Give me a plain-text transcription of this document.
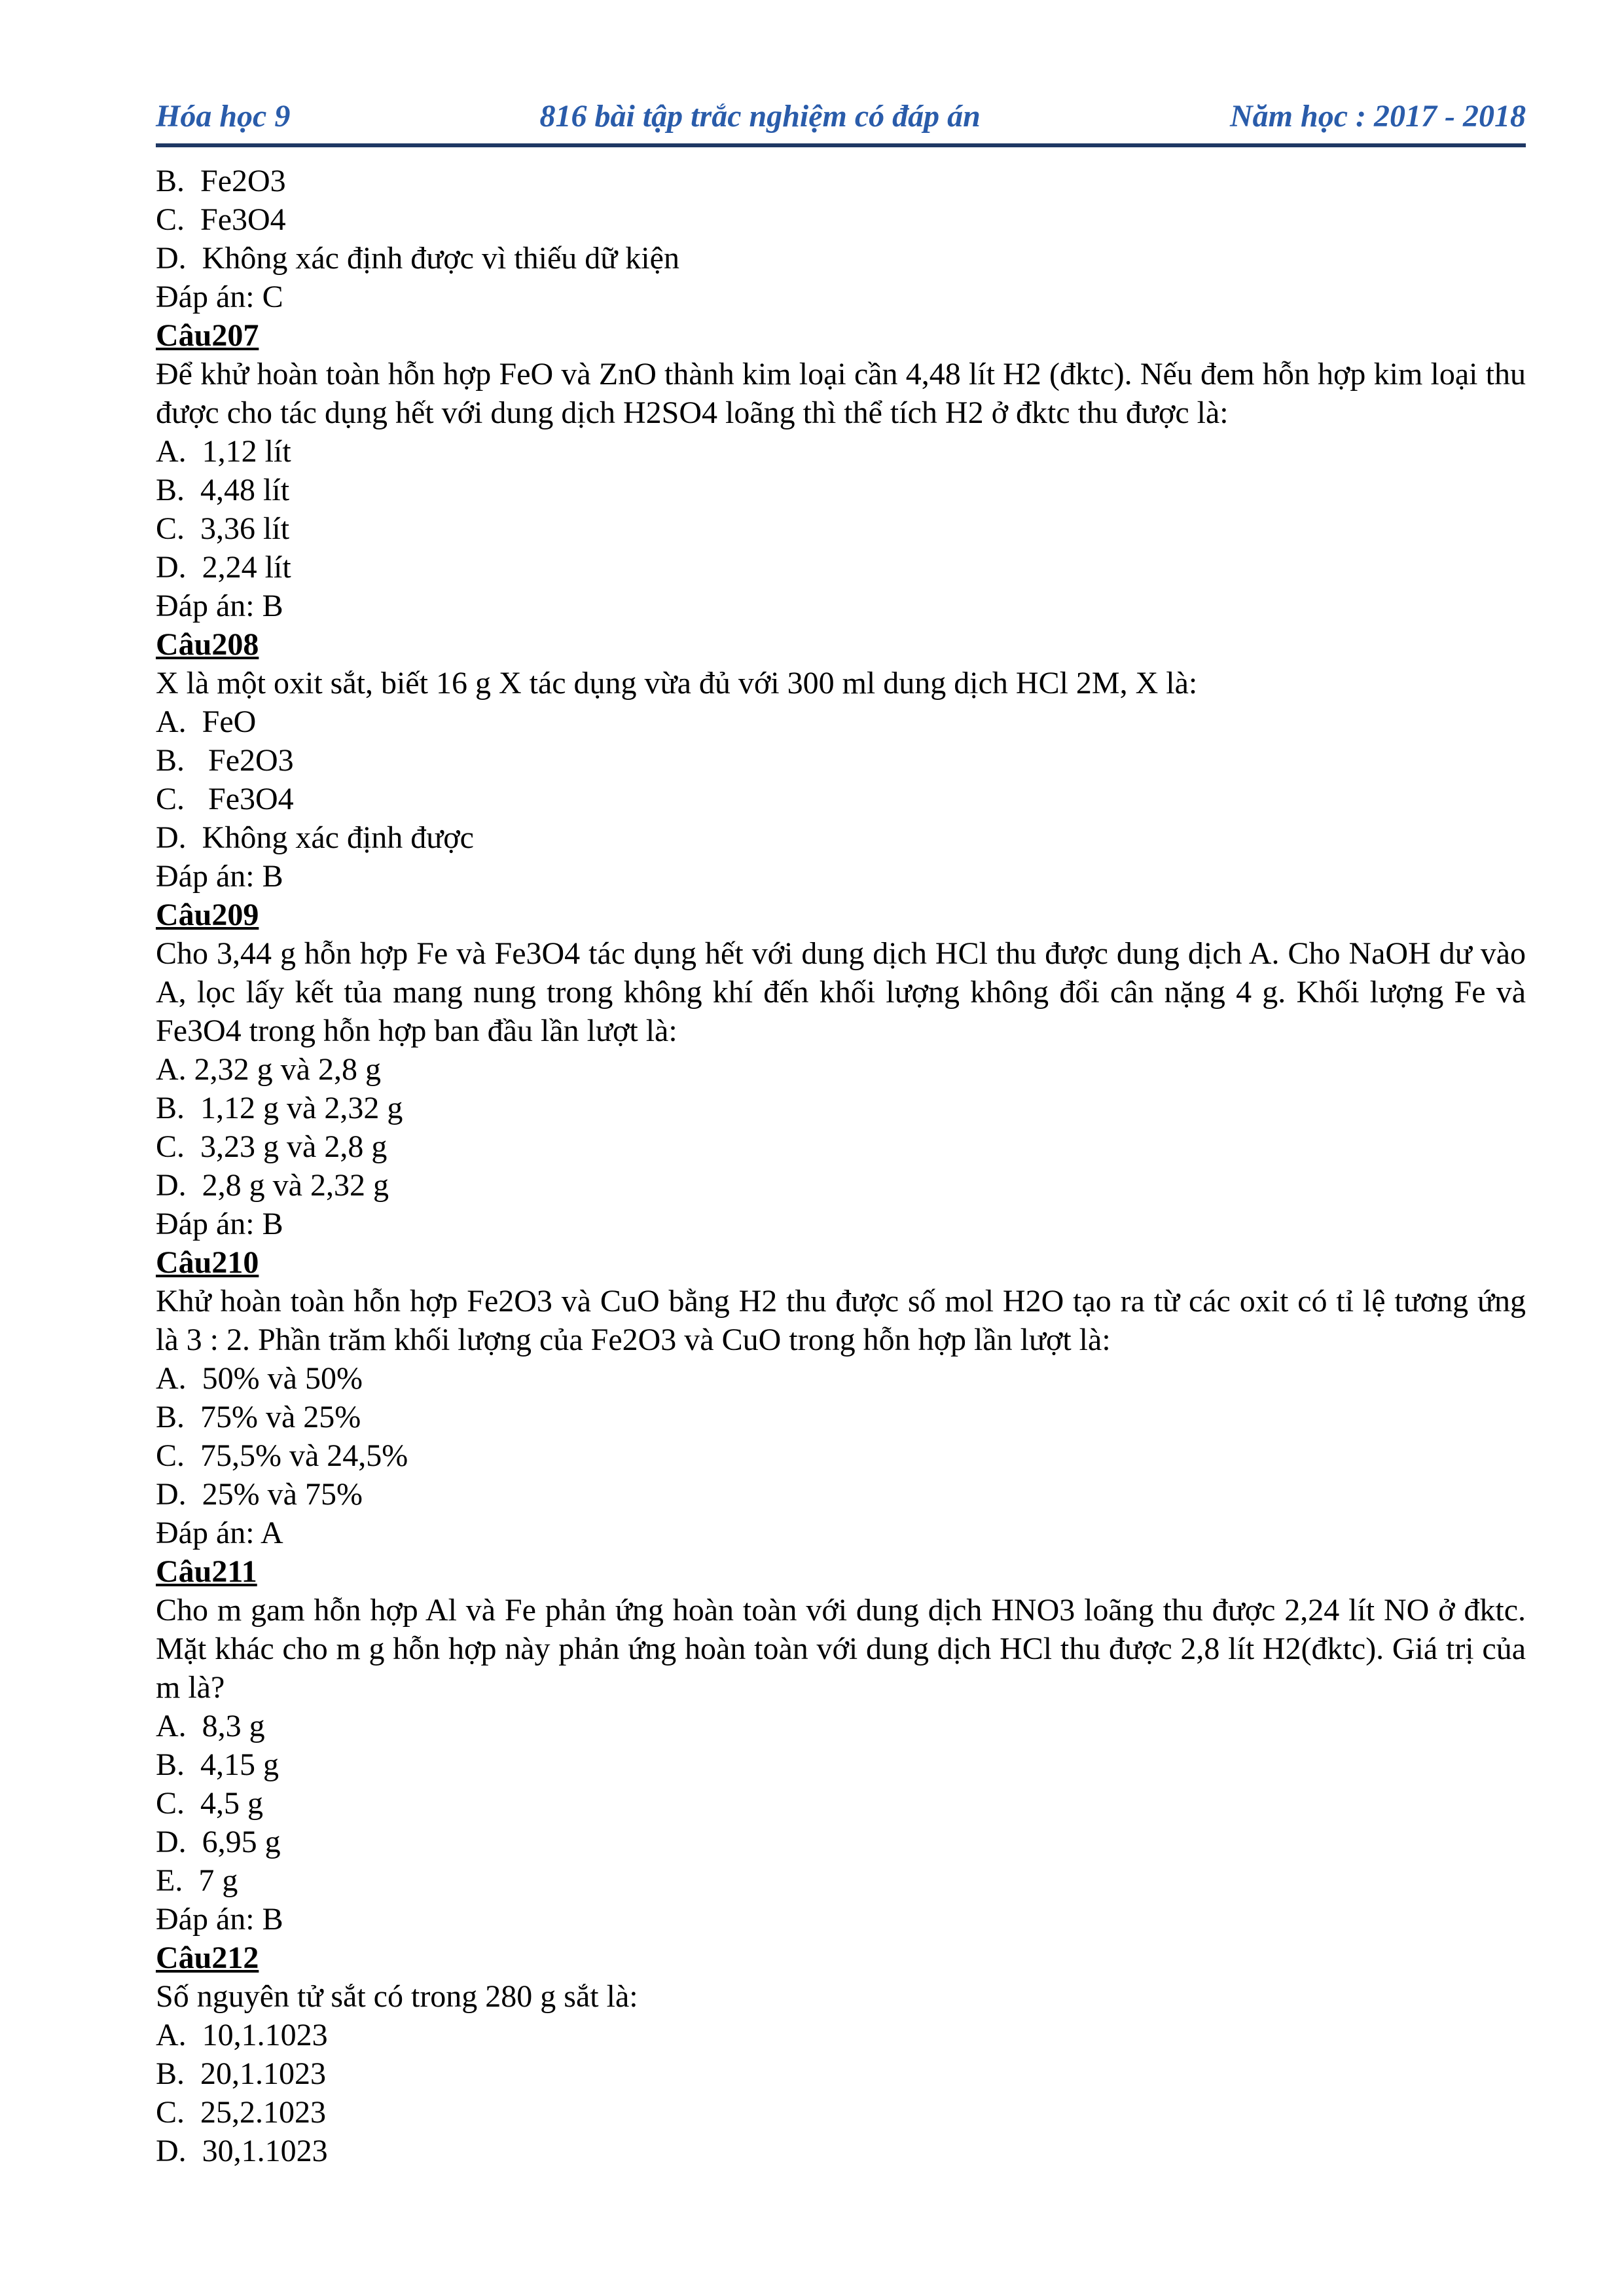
Hóa học 9	816 bài tập trắc nghiệm có đáp án	Năm học : 2017 - 2018
B.  Fe2O3
C.  Fe3O4
D.  Không xác định được vì thiếu dữ kiện
Đáp án: C
Câu207
Để khử hoàn toàn hỗn hợp FeO và ZnO thành kim loại cần 4,48 lít H2 (đktc). Nếu đem hỗn hợp kim loại thu được cho tác dụng hết với dung dịch H2SO4 loãng thì thể tích H2 ở đktc thu được là:
A.  1,12 lít
B.  4,48 lít
C.  3,36 lít
D.  2,24 lít
Đáp án: B
Câu208
X là một oxit sắt, biết 16 g X tác dụng vừa đủ với 300 ml dung dịch HCl 2M, X là:
A.  FeO
B.   Fe2O3
C.   Fe3O4
D.  Không xác định được
Đáp án: B
Câu209
Cho 3,44 g hỗn hợp Fe và Fe3O4 tác dụng hết với dung dịch HCl thu được dung dịch A. Cho NaOH dư vào A, lọc lấy kết tủa mang nung trong không khí đến khối lượng không đổi cân nặng 4 g. Khối lượng Fe và Fe3O4 trong hỗn hợp ban đầu lần lượt là:
A. 2,32 g và 2,8 g
B.  1,12 g và 2,32 g
C.  3,23 g và 2,8 g
D.  2,8 g và 2,32 g
Đáp án: B
Câu210
Khử hoàn toàn hỗn hợp Fe2O3 và CuO bằng H2 thu được số mol H2O tạo ra từ các oxit có tỉ lệ tương ứng là 3 : 2. Phần trăm khối lượng của Fe2O3 và CuO trong hỗn hợp lần lượt là:
A.  50% và 50%
B.  75% và 25%
C.  75,5% và 24,5%
D.  25% và 75%
Đáp án: A
Câu211
Cho m gam hỗn hợp Al và Fe phản ứng hoàn toàn với dung dịch HNO3 loãng thu được 2,24 lít NO ở đktc. Mặt khác cho m g hỗn hợp này phản ứng hoàn toàn với dung dịch HCl thu được 2,8 lít H2(đktc). Giá trị của m là?
A.  8,3 g
B.  4,15 g
C.  4,5 g
D.  6,95 g
E.  7 g
Đáp án: B
Câu212
Số nguyên tử sắt có trong 280 g sắt là:
A.  10,1.1023
B.  20,1.1023
C.  25,2.1023
D.  30,1.1023
